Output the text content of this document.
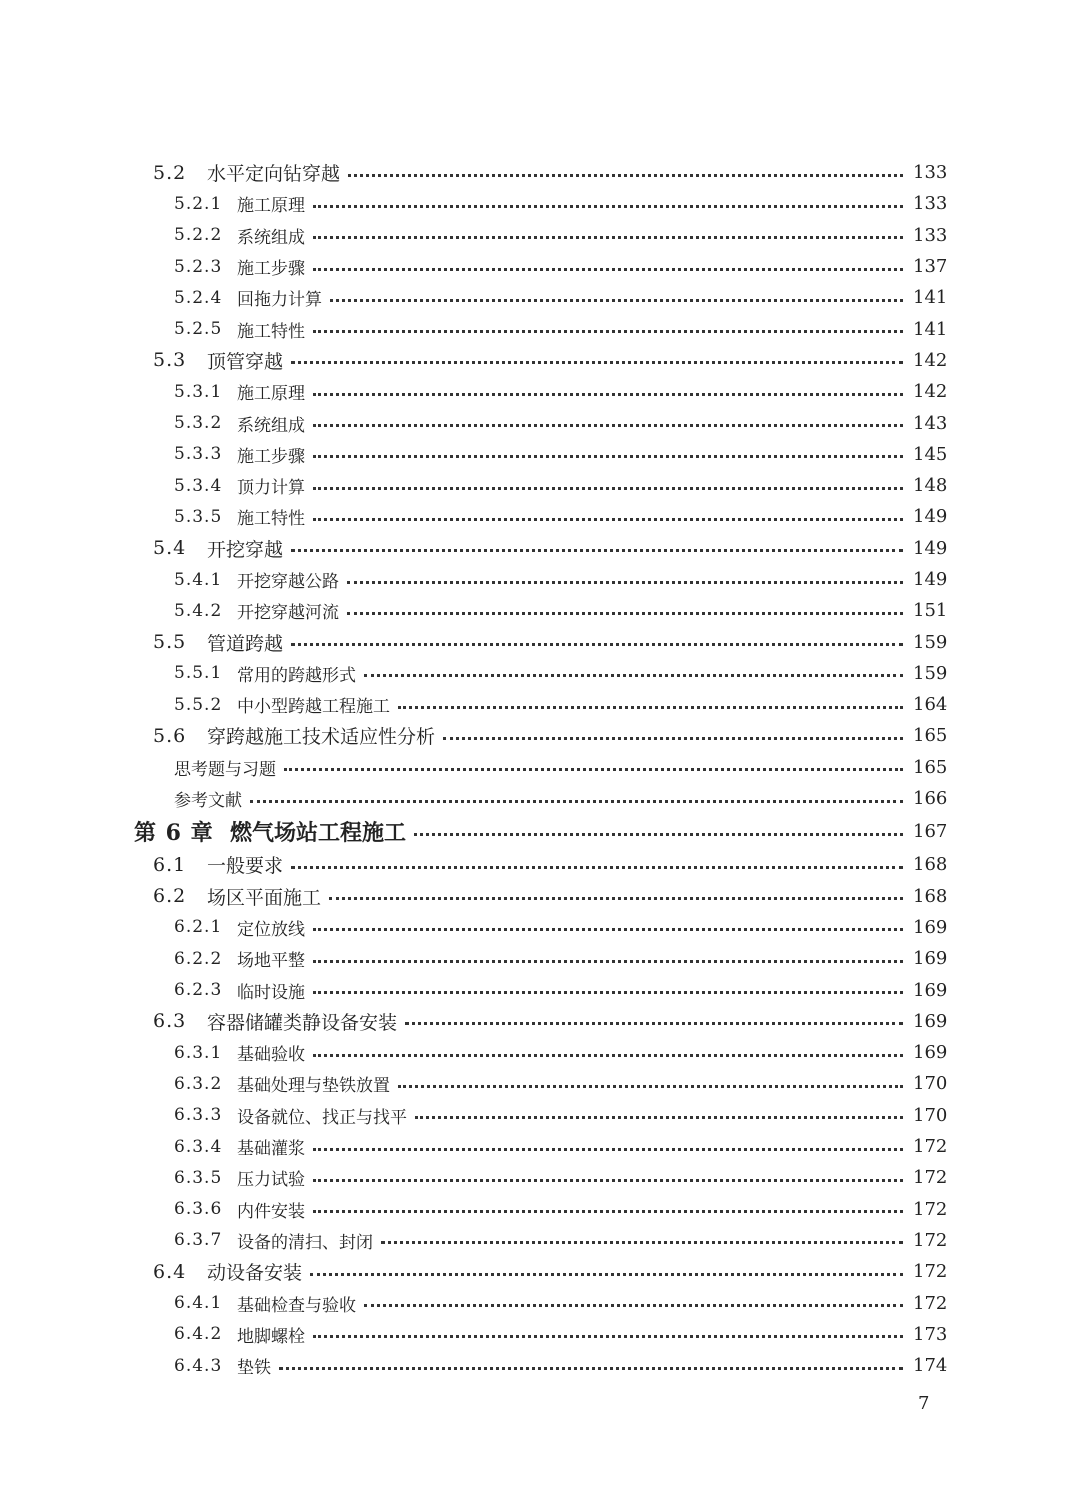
5.2	水平定向钻穿越	133
5.2.1 施工原理	133
5.2.2 系统组成	133
5.2.3 施工步骤	137
5.2.4 回拖力计算	141
5.2.5 施工特性	141
5.3	顶管穿越	142
5.3.1 施工原理	142
5.3.2 系统组成	143
5.3.3 施工步骤	145
5.3.4 顶力计算	148
5.3.5 施工特性	149
5.4	开挖穿越	149
5.4.1 开挖穿越公路	149
5.4.2 开挖穿越河流	151
5.5	管道跨越	159
5.5.1 常用的跨越形式	159
5.5.2 中小型跨越工程施工	164
5.6	穿跨越施工技术适应性分析	165
思考题与习题	165
参考文献	166
第 6 章 燃气场站工程施工	167
6.1	一般要求	168
6.2	场区平面施工	168
6.2.1 定位放线	169
6.2.2 场地平整	169
6.2.3 临时设施	169
6.3	容器储罐类静设备安装	169
6.3.1 基础验收	169
6.3.2 基础处理与垫铁放置	170
6.3.3 设备就位、找正与找平	170
6.3.4 基础灌浆	172
6.3.5 压力试验	172
6.3.6 内件安装	172
6.3.7 设备的清扫、封闭	172
6.4	动设备安装	172
6.4.1 基础检查与验收	172
6.4.2 地脚螺栓	173
6.4.3 垫铁	174
7
